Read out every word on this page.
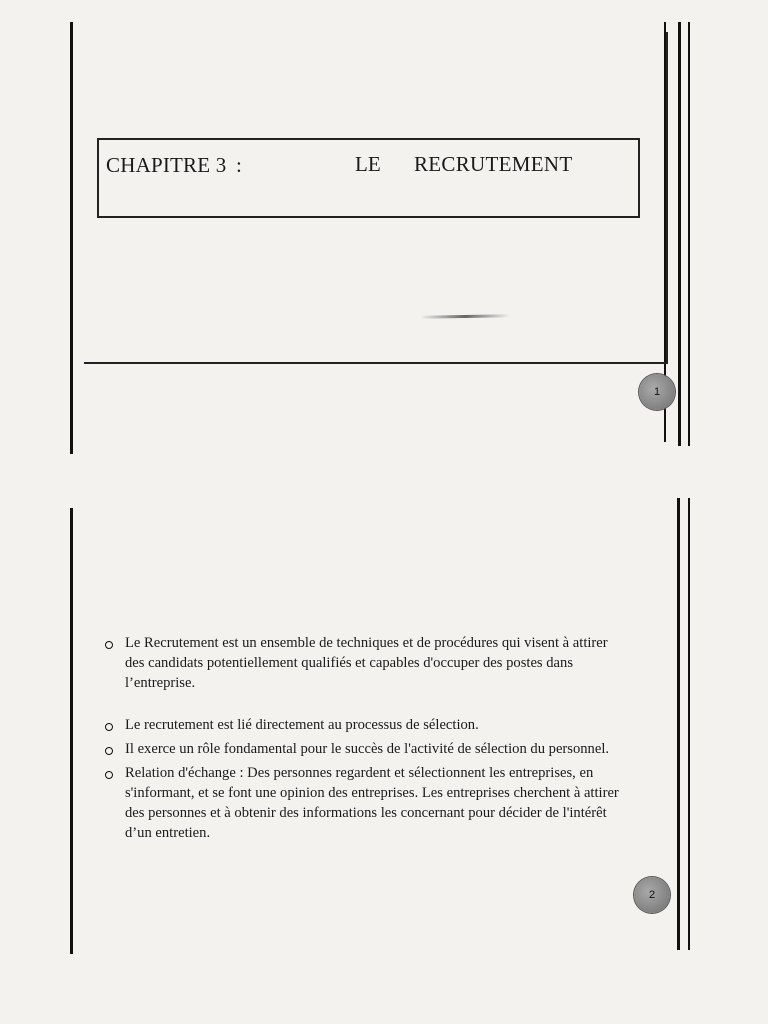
CHAPITRE 3 :	LE RECRUTEMENT
1
Le Recrutement est un ensemble de techniques et de procédures qui visent à attirer des candidats potentiellement qualifiés et capables d'occuper des postes dans l’entreprise.
Le recrutement est lié directement au processus de sélection.
Il exerce un rôle fondamental pour le succès de l'activité de sélection du personnel.
Relation d'échange : Des personnes regardent et sélectionnent les entreprises, en s'informant, et se font une opinion des entreprises. Les entreprises cherchent à attirer des personnes et à obtenir des informations les concernant pour décider de l'intérêt d’un entretien.
2
